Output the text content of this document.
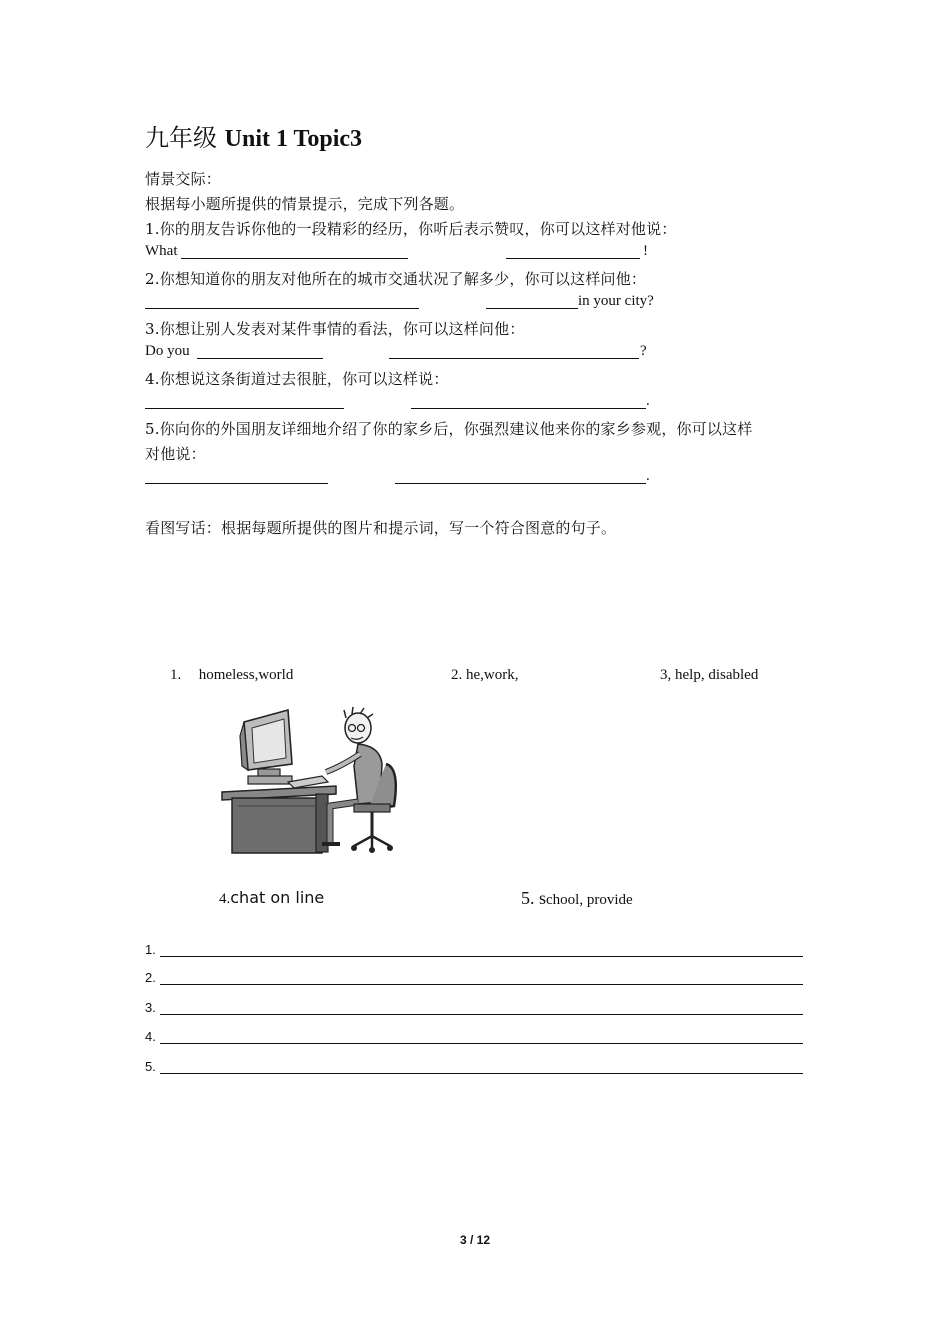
九年级 Unit 1 Topic3
情景交际：
根据每小题所提供的情景提示，完成下列各题。
1.你的朋友告诉你他的一段精彩的经历，你听后表示赞叹，你可以这样对他说：
What	!
2.你想知道你的朋友对他所在的城市交通状况了解多少，你可以这样问他：
in your city?
3.你想让别人发表对某件事情的看法，你可以这样问他：
Do you	?
4.你想说这条街道过去很脏，你可以这样说：
.
5.你向你的外国朋友详细地介绍了你的家乡后，你强烈建议他来你的家乡参观，你可以这样
对他说：
.
看图写话：根据每题所提供的图片和提示词，写一个符合图意的句子。
1. homeless,world	2. he,work,	3, help, disabled
4.chat on line	5. school, provide
1.
2.
3.
4.
5.
3 / 12
